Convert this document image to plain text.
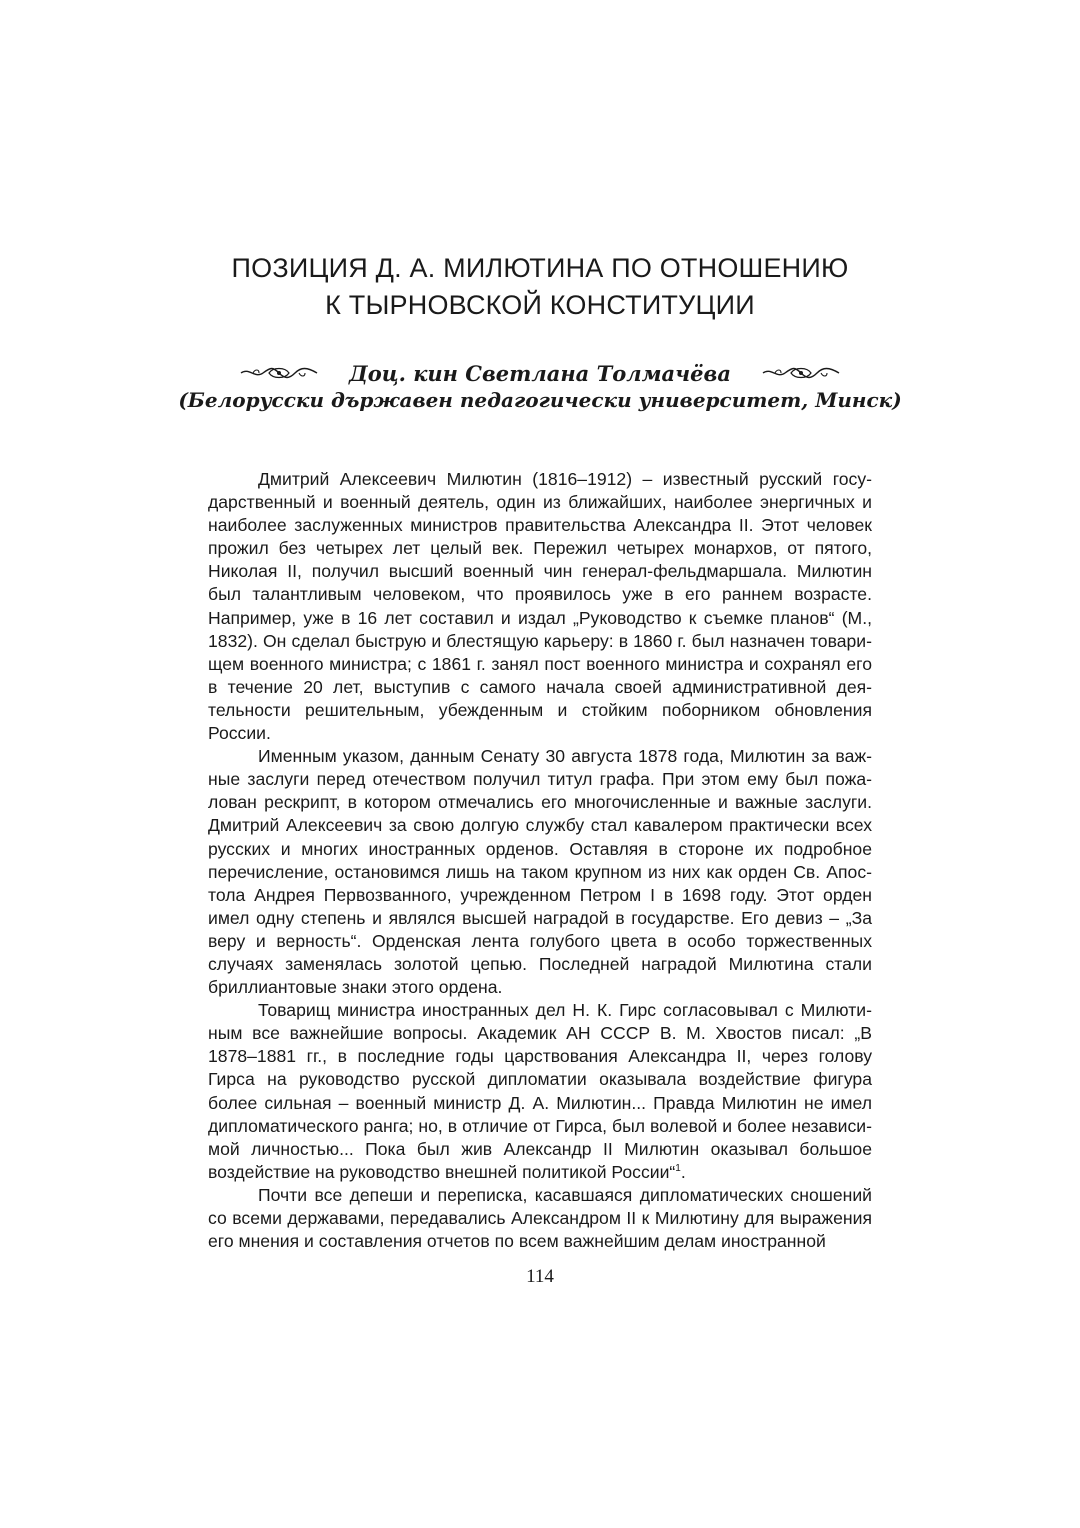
ПОЗИЦИЯ Д. А. МИЛЮТИНА ПО ОТНОШЕНИЮ
К ТЫРНОВСКОЙ КОНСТИТУЦИИ
Доц. кин Светлана Толмачёва
(Белорусски държавен педагогически университет, Минск)

Дмитрий Алексеевич Милютин (1816–1912) – известный русский государственный и военный деятель, один из ближайших, наиболее энергичных и наиболее заслуженных министров правительства Александра II. Этот человек прожил без четырех лет целый век. Пережил четырех монархов, от пятого, Николая II, получил высший военный чин генерал-фельдмаршала. Милютин был талантливым человеком, что проявилось уже в его раннем возрасте. Например, уже в 16 лет составил и издал „Руководство к съемке планов“ (М., 1832). Он сделал быструю и блестящую карьеру: в 1860 г. был назначен товарищем военного министра; с 1861 г. занял пост военного министра и сохранял его в течение 20 лет, выступив с самого начала своей административной деятельности решительным, убежденным и стойким поборником обновления России.

Именным указом, данным Сенату 30 августа 1878 года, Милютин за важные заслуги перед отечеством получил титул графа. При этом ему был пожалован рескрипт, в котором отмечались его многочисленные и важные заслуги. Дмитрий Алексеевич за свою долгую службу стал кавалером практически всех русских и многих иностранных орденов. Оставляя в стороне их подробное перечисление, остановимся лишь на таком крупном из них как орден Св. Апостола Андрея Первозванного, учрежденном Петром I в 1698 году. Этот орден имел одну степень и являлся высшей наградой в государстве. Его девиз – „За веру и верность“. Орденская лента голубого цвета в особо торжественных случаях заменялась золотой цепью. Последней наградой Милютина стали бриллиантовые знаки этого ордена.

Товарищ министра иностранных дел Н. К. Гирс согласовывал с Милютиным все важнейшие вопросы. Академик АН СССР В. М. Хвостов писал: „В 1878–1881 гг., в последние годы царствования Александра II, через голову Гирса на руководство русской дипломатии оказывала воздействие фигура более сильная – военный министр Д. А. Милютин... Правда Милютин не имел дипломатического ранга; но, в отличие от Гирса, был волевой и более независимой личностью... Пока был жив Александр II Милютин оказывал большое воздействие на руководство внешней политикой России“$^1$.

Почти все депеши и переписка, касавшаяся дипломатических сношений со всеми державами, передавались Александром II к Милютину для выражения его мнения и составления отчетов по всем важнейшим делам иностранной

114
